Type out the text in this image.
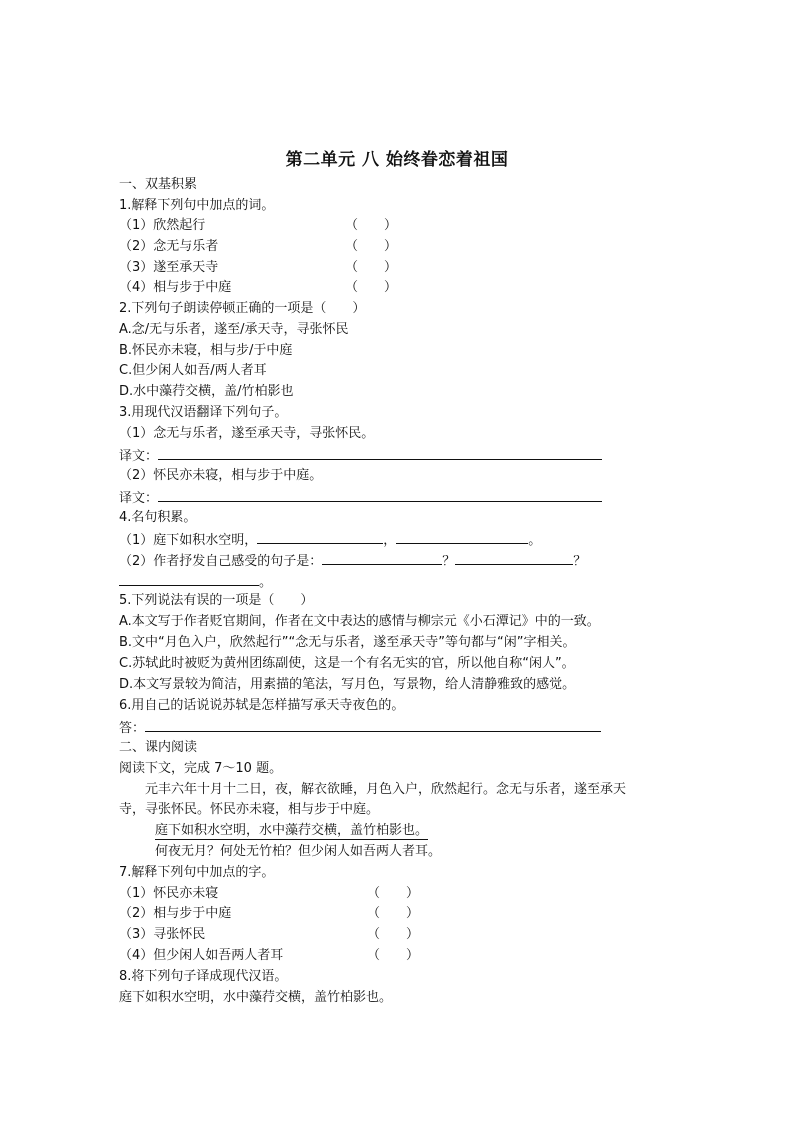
第二单元 八 始终眷恋着祖国
一、双基积累
1.解释下列句中加点的词。
（1）欣然起行	（　　）
（2）念无与乐者	（　　）
（3）遂至承天寺	（　　）
（4）相与步于中庭	（　　）
2.下列句子朗读停顿正确的一项是（　　）
A.念/无与乐者，遂至/承天寺，寻张怀民
B.怀民亦未寝，相与步/于中庭
C.但少闲人如吾/两人者耳
D.水中藻荇交横，盖/竹柏影也
3.用现代汉语翻译下列句子。
（1）念无与乐者，遂至承天寺，寻张怀民。
译文：
（2）怀民亦未寝，相与步于中庭。
译文：
4.名句积累。
（1）庭下如积水空明，	，	。
（2）作者抒发自己感受的句子是：	？	？
。
5.下列说法有误的一项是（　　）
A.本文写于作者贬官期间，作者在文中表达的感情与柳宗元《小石潭记》中的一致。
B.文中“月色入户，欣然起行”“念无与乐者，遂至承天寺”等句都与“闲”字相关。
C.苏轼此时被贬为黄州团练副使，这是一个有名无实的官，所以他自称“闲人”。
D.本文写景较为简洁，用素描的笔法，写月色，写景物，给人清静雅致的感觉。
6.用自己的话说说苏轼是怎样描写承天寺夜色的。
答：
二、课内阅读
阅读下文，完成 7～10 题。
　　元丰六年十月十二日，夜，解衣欲睡，月色入户，欣然起行。念无与乐者，遂至承天
寺，寻张怀民。怀民亦未寝，相与步于中庭。
庭下如积水空明，水中藻荇交横，盖竹柏影也。
何夜无月？何处无竹柏？但少闲人如吾两人者耳。
7.解释下列句中加点的字。
（1）怀民亦未寝	（　　）
（2）相与步于中庭	（　　）
（3）寻张怀民	（　　）
（4）但少闲人如吾两人者耳	（　　）
8.将下列句子译成现代汉语。
庭下如积水空明，水中藻荇交横，盖竹柏影也。
